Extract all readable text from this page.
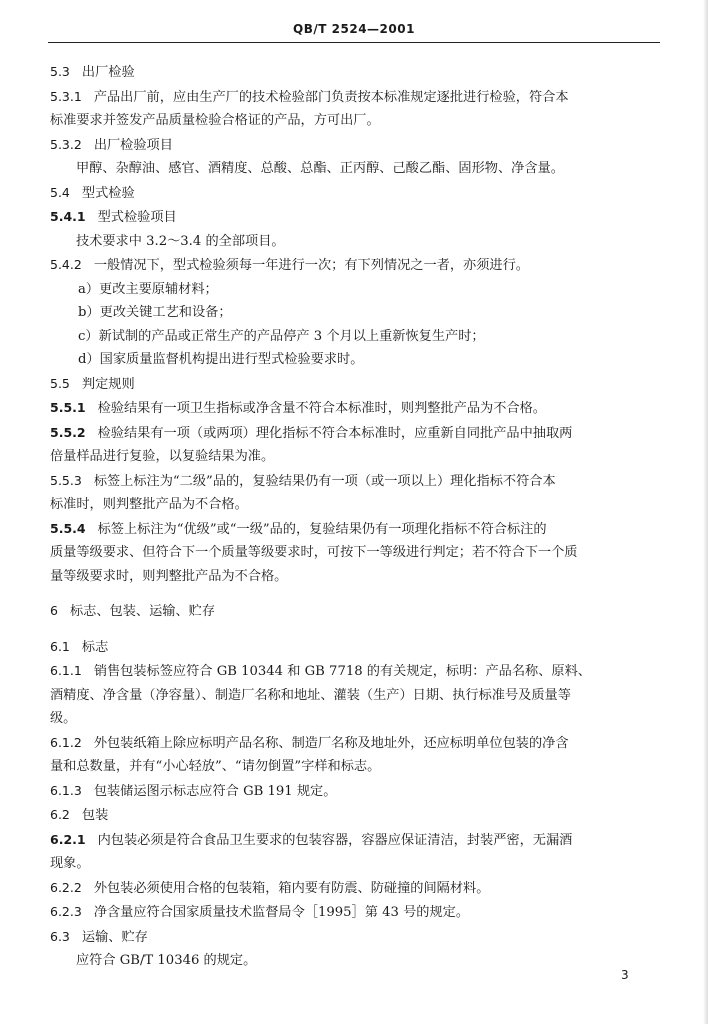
QB/T 2524—2001
5.3 出厂检验
5.3.1 产品出厂前，应由生产厂的技术检验部门负责按本标准规定逐批进行检验，符合本
标准要求并签发产品质量检验合格证的产品，方可出厂。
5.3.2 出厂检验项目
甲醇、杂醇油、感官、酒精度、总酸、总酯、正丙醇、己酸乙酯、固形物、净含量。
5.4 型式检验
5.4.1 型式检验项目
技术要求中 3.2～3.4 的全部项目。
5.4.2 一般情况下，型式检验须每一年进行一次；有下列情况之一者，亦须进行。
a）更改主要原辅材料；
b）更改关键工艺和设备；
c）新试制的产品或正常生产的产品停产 3 个月以上重新恢复生产时；
d）国家质量监督机构提出进行型式检验要求时。
5.5 判定规则
5.5.1 检验结果有一项卫生指标或净含量不符合本标准时，则判整批产品为不合格。
5.5.2 检验结果有一项（或两项）理化指标不符合本标准时，应重新自同批产品中抽取两
倍量样品进行复验，以复验结果为准。
5.5.3 标签上标注为“二级”品的，复验结果仍有一项（或一项以上）理化指标不符合本
标准时，则判整批产品为不合格。
5.5.4 标签上标注为“优级”或“一级”品的，复验结果仍有一项理化指标不符合标注的
质量等级要求、但符合下一个质量等级要求时，可按下一等级进行判定；若不符合下一个质
量等级要求时，则判整批产品为不合格。
6 标志、包装、运输、贮存
6.1 标志
6.1.1 销售包装标签应符合 GB 10344 和 GB 7718 的有关规定，标明：产品名称、原料、
酒精度、净含量（净容量）、制造厂名称和地址、灌装（生产）日期、执行标准号及质量等
级。
6.1.2 外包装纸箱上除应标明产品名称、制造厂名称及地址外，还应标明单位包装的净含
量和总数量，并有“小心轻放”、“请勿倒置”字样和标志。
6.1.3 包装储运图示标志应符合 GB 191 规定。
6.2 包装
6.2.1 内包装必须是符合食品卫生要求的包装容器，容器应保证清洁，封装严密，无漏酒
现象。
6.2.2 外包装必须使用合格的包装箱，箱内要有防震、防碰撞的间隔材料。
6.2.3 净含量应符合国家质量技术监督局令［1995］第 43 号的规定。
6.3 运输、贮存
应符合 GB/T 10346 的规定。
3
